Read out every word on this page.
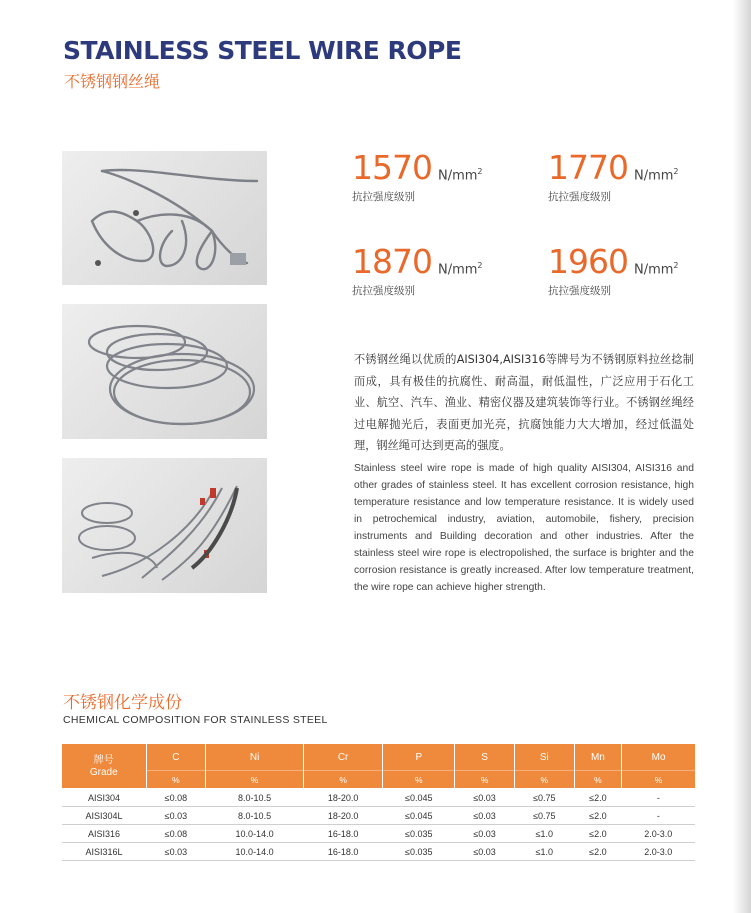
STAINLESS STEEL WIRE ROPE
不锈钢钢丝绳
1570 $N/mm^2$
抗拉强度级别
1770 $N/mm^2$
抗拉强度级别
1870 $N/mm^2$
抗拉强度级别
1960 $N/mm^2$
抗拉强度级别
不锈钢丝绳以优质的AISI304,AISI316等牌号为不锈钢原料拉丝捻制而成，具有极佳的抗腐性、耐高温，耐低温性，广泛应用于石化工业、航空、汽车、渔业、精密仪器及建筑装饰等行业。不锈钢丝绳经过电解抛光后，表面更加光亮，抗腐蚀能力大大增加，经过低温处理，钢丝绳可达到更高的强度。
Stainless steel wire rope is made of high quality AISI304, AISI316 and other grades of stainless steel. It has excellent corrosion resistance, high temperature resistance and low temperature resistance. It is widely used in petrochemical industry, aviation, automobile, fishery, precision instruments and Building decoration and other industries. After the stainless steel wire rope is electropolished, the surface is brighter and the corrosion resistance is greatly increased. After low temperature treatment, the wire rope can achieve higher strength.
不锈钢化学成份
CHEMICAL COMPOSITION FOR STAINLESS STEEL
牌号
Grade	C	Ni	Cr	P	S	Si	Mn	Mo
	%	%	%	%	%	%	%	%
AISI304	≤0.08	8.0-10.5	18-20.0	≤0.045	≤0.03	≤0.75	≤2.0	-
AISI304L	≤0.03	8.0-10.5	18-20.0	≤0.045	≤0.03	≤0.75	≤2.0	-
AISI316	≤0.08	10.0-14.0	16-18.0	≤0.035	≤0.03	≤1.0	≤2.0	2.0-3.0
AISI316L	≤0.03	10.0-14.0	16-18.0	≤0.035	≤0.03	≤1.0	≤2.0	2.0-3.0
